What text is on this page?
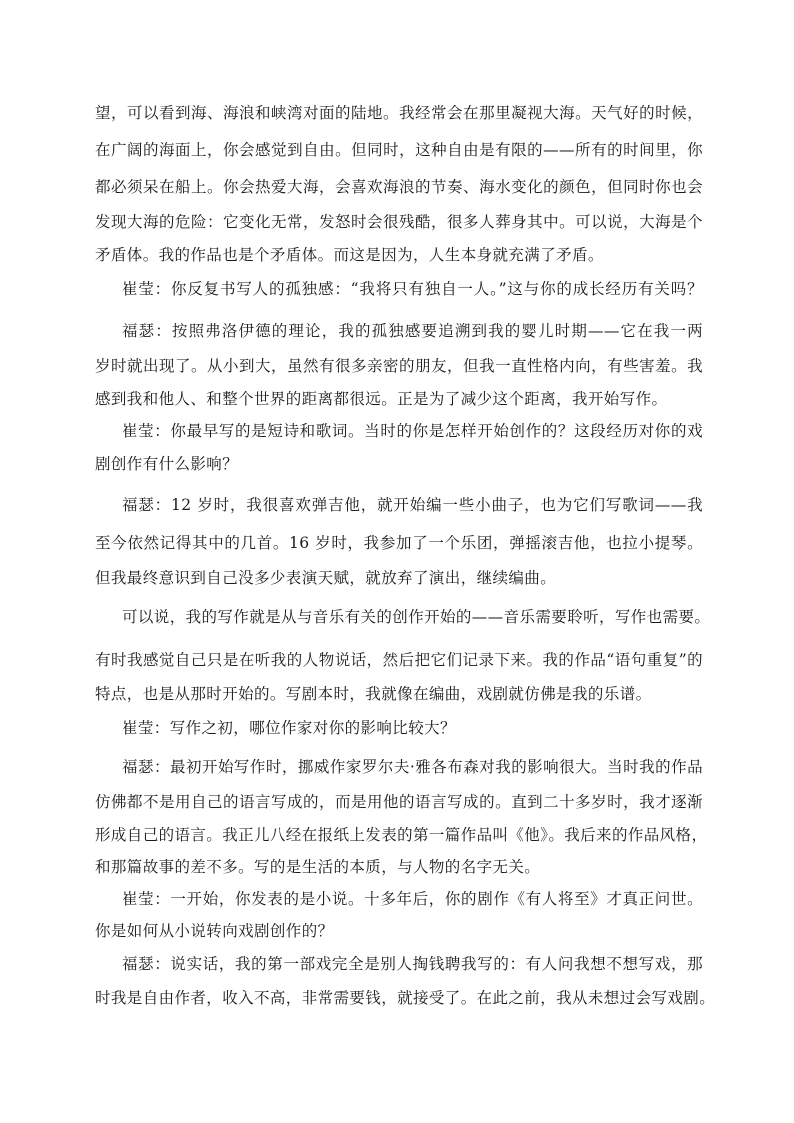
望，可以看到海、海浪和峡湾对面的陆地。我经常会在那里凝视大海。天气好的时候，
在广阔的海面上，你会感觉到自由。但同时，这种自由是有限的——所有的时间里，你
都必须呆在船上。你会热爱大海，会喜欢海浪的节奏、海水变化的颜色，但同时你也会
发现大海的危险：它变化无常，发怒时会很残酷，很多人葬身其中。可以说，大海是个
矛盾体。我的作品也是个矛盾体。而这是因为，人生本身就充满了矛盾。
崔莹：你反复书写人的孤独感：“我将只有独自一人。”这与你的成长经历有关吗？
福瑟：按照弗洛伊德的理论，我的孤独感要追溯到我的婴儿时期——它在我一两
岁时就出现了。从小到大，虽然有很多亲密的朋友，但我一直性格内向，有些害羞。我
感到我和他人、和整个世界的距离都很远。正是为了减少这个距离，我开始写作。
崔莹：你最早写的是短诗和歌词。当时的你是怎样开始创作的？这段经历对你的戏
剧创作有什么影响？
福瑟：12 岁时，我很喜欢弹吉他，就开始编一些小曲子，也为它们写歌词——我
至今依然记得其中的几首。16 岁时，我参加了一个乐团，弹摇滚吉他，也拉小提琴。
但我最终意识到自己没多少表演天赋，就放弃了演出，继续编曲。
可以说，我的写作就是从与音乐有关的创作开始的——音乐需要聆听，写作也需要。
有时我感觉自己只是在听我的人物说话，然后把它们记录下来。我的作品“语句重复”的
特点，也是从那时开始的。写剧本时，我就像在编曲，戏剧就仿佛是我的乐谱。
崔莹：写作之初，哪位作家对你的影响比较大？
福瑟：最初开始写作时，挪威作家罗尔夫·雅各布森对我的影响很大。当时我的作品
仿佛都不是用自己的语言写成的，而是用他的语言写成的。直到二十多岁时，我才逐渐
形成自己的语言。我正儿八经在报纸上发表的第一篇作品叫《他》。我后来的作品风格，
和那篇故事的差不多。写的是生活的本质，与人物的名字无关。
崔莹：一开始，你发表的是小说。十多年后，你的剧作《有人将至》才真正问世。
你是如何从小说转向戏剧创作的？
福瑟：说实话，我的第一部戏完全是别人掏钱聘我写的：有人问我想不想写戏，那
时我是自由作者，收入不高，非常需要钱，就接受了。在此之前，我从未想过会写戏剧。
